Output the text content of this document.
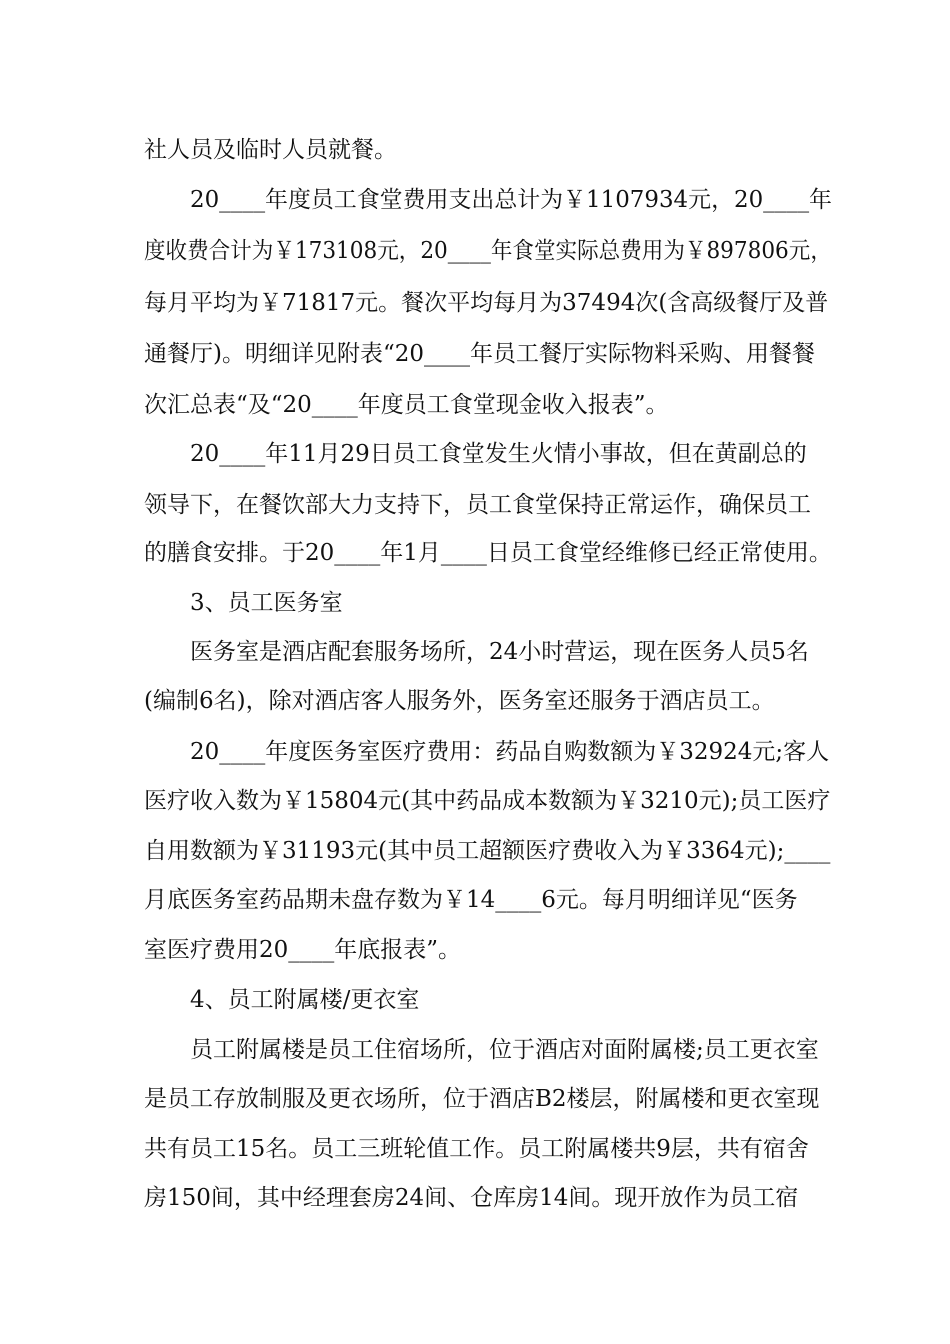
社人员及临时人员就餐。
20____年度员工食堂费用支出总计为￥1107934元，20____年
度收费合计为￥173108元，20____年食堂实际总费用为￥897806元，
每月平均为￥71817元。餐次平均每月为37494次(含高级餐厅及普
通餐厅)。明细详见附表“20____年员工餐厅实际物料采购、用餐餐
次汇总表“及“20____年度员工食堂现金收入报表”。
20____年11月29日员工食堂发生火情小事故，但在黄副总的
领导下，在餐饮部大力支持下，员工食堂保持正常运作，确保员工
的膳食安排。于20____年1月____日员工食堂经维修已经正常使用。
3、员工医务室
医务室是酒店配套服务场所，24小时营运，现在医务人员5名
(编制6名)，除对酒店客人服务外，医务室还服务于酒店员工。
20____年度医务室医疗费用：药品自购数额为￥32924元;客人
医疗收入数为￥15804元(其中药品成本数额为￥3210元);员工医疗
自用数额为￥31193元(其中员工超额医疗费收入为￥3364元);____
月底医务室药品期未盘存数为￥14____6元。每月明细详见“医务
室医疗费用20____年底报表”。
4、员工附属楼/更衣室
员工附属楼是员工住宿场所，位于酒店对面附属楼;员工更衣室
是员工存放制服及更衣场所，位于酒店B2楼层，附属楼和更衣室现
共有员工15名。员工三班轮值工作。员工附属楼共9层，共有宿舍
房150间，其中经理套房24间、仓库房14间。现开放作为员工宿
